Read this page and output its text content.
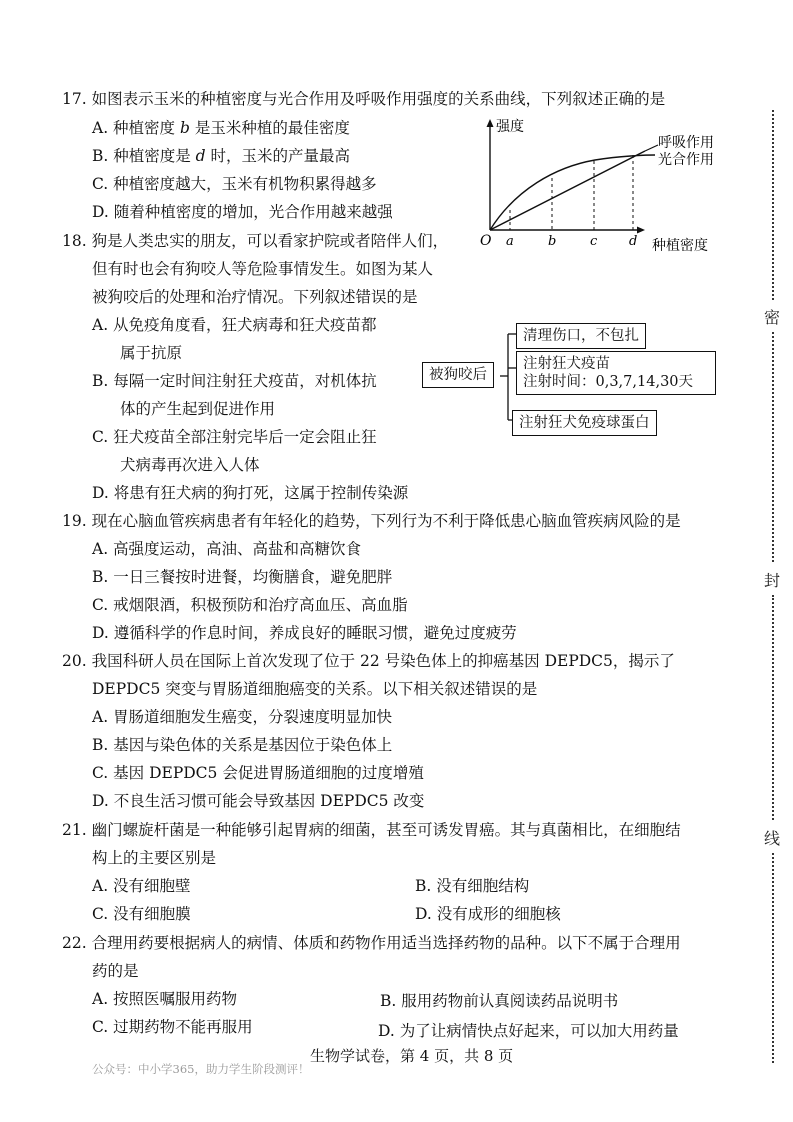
17. 如图表示玉米的种植密度与光合作用及呼吸作用强度的关系曲线，下列叙述正确的是
A. 种植密度 b 是玉米种植的最佳密度
B. 种植密度是 d 时，玉米的产量最高
C. 种植密度越大，玉米有机物积累得越多
D. 随着种植密度的增加，光合作用越来越强
强度
种植密度
O a	b	c d
呼吸作用
光合作用
18. 狗是人类忠实的朋友，可以看家护院或者陪伴人们，
但有时也会有狗咬人等危险事情发生。如图为某人
被狗咬后的处理和治疗情况。下列叙述错误的是
A. 从免疫角度看，狂犬病毒和狂犬疫苗都
属于抗原
B. 每隔一定时间注射狂犬疫苗，对机体抗
体的产生起到促进作用
C. 狂犬疫苗全部注射完毕后一定会阻止狂
犬病毒再次进入人体
D. 将患有狂犬病的狗打死，这属于控制传染源
被狗咬后
清理伤口，不包扎
注射狂犬疫苗
注射时间：0,3,7,14,30天
注射狂犬免疫球蛋白
19. 现在心脑血管疾病患者有年轻化的趋势，下列行为不利于降低患心脑血管疾病风险的是
A. 高强度运动，高油、高盐和高糖饮食
B. 一日三餐按时进餐，均衡膳食，避免肥胖
C. 戒烟限酒，积极预防和治疗高血压、高血脂
D. 遵循科学的作息时间，养成良好的睡眠习惯，避免过度疲劳
20. 我国科研人员在国际上首次发现了位于 22 号染色体上的抑癌基因 DEPDC5，揭示了
DEPDC5 突变与胃肠道细胞癌变的关系。以下相关叙述错误的是
A. 胃肠道细胞发生癌变，分裂速度明显加快
B. 基因与染色体的关系是基因位于染色体上
C. 基因 DEPDC5 会促进胃肠道细胞的过度增殖
D. 不良生活习惯可能会导致基因 DEPDC5 改变
21. 幽门螺旋杆菌是一种能够引起胃病的细菌，甚至可诱发胃癌。其与真菌相比，在细胞结
构上的主要区别是
A. 没有细胞壁	B. 没有细胞结构
C. 没有细胞膜	D. 没有成形的细胞核
22. 合理用药要根据病人的病情、体质和药物作用适当选择药物的品种。以下不属于合理用
药的是
A. 按照医嘱服用药物	B. 服用药物前认真阅读药品说明书
C. 过期药物不能再服用	D. 为了让病情快点好起来，可以加大用药量
生物学试卷，第 4 页，共 8 页
公众号：中小学365，助力学生阶段测评！
密
封
线
